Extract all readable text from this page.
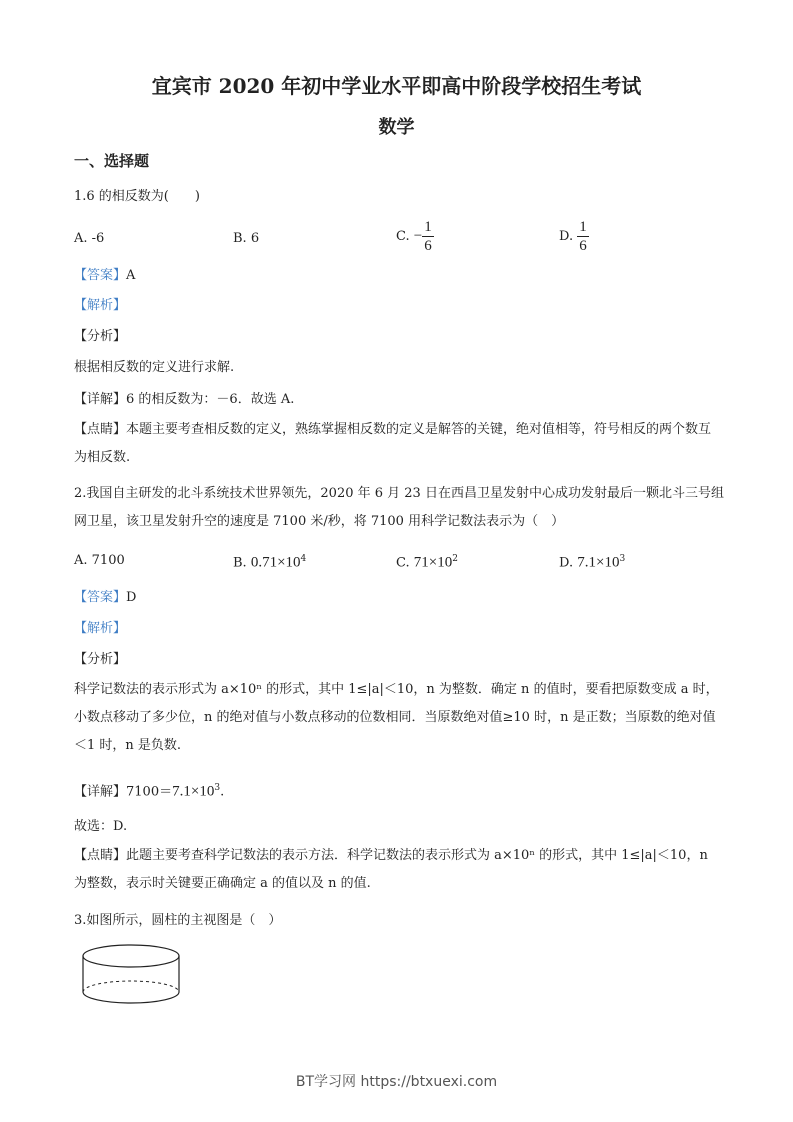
宜宾市 2020 年初中学业水平即高中阶段学校招生考试
数学
一、选择题
1.6 的相反数为(　　)
A. -6	B. 6	C. − $\frac{1}{6}$	D. $\frac{1}{6}$
【答案】A
【解析】
【分析】
根据相反数的定义进行求解.
【详解】6 的相反数为：－6．故选 A.
【点睛】本题主要考查相反数的定义，熟练掌握相反数的定义是解答的关键，绝对值相等，符号相反的两个数互为相反数.
2.我国自主研发的北斗系统技术世界领先，2020 年 6 月 23 日在西昌卫星发射中心成功发射最后一颗北斗三号组网卫星，该卫星发射升空的速度是 7100 米/秒，将 7100 用科学记数法表示为（　）
A. 7100	B. $0.71\times 10^4$	C. $71\times 10^2$	D. $7.1\times 10^3$
【答案】D
【解析】
【分析】
科学记数法的表示形式为 a×10ⁿ 的形式，其中 1≤|a|＜10，n 为整数．确定 n 的值时，要看把原数变成 a 时，小数点移动了多少位，n 的绝对值与小数点移动的位数相同．当原数绝对值≥10 时，n 是正数；当原数的绝对值＜1 时，n 是负数.
【详解】$7100=7.1\times 10^3$.
故选：D.
【点睛】此题主要考查科学记数法的表示方法．科学记数法的表示形式为 a×10ⁿ 的形式，其中 1≤|a|＜10，n 为整数，表示时关键要正确确定 a 的值以及 n 的值.
3.如图所示，圆柱的主视图是（　）
BT学习网 https://btxuexi.com
